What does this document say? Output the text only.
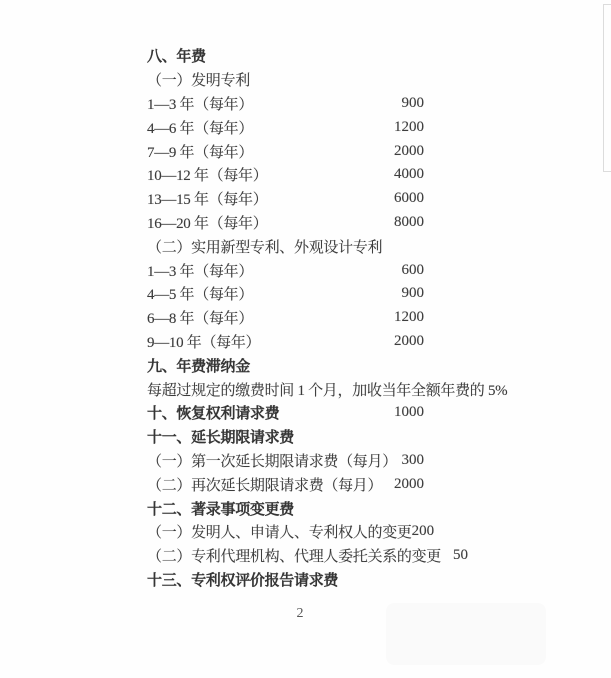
八、年费
（一）发明专利
1—3 年（每年）	900
4—6 年（每年）	1200
7—9 年（每年）	2000
10—12 年（每年）	4000
13—15 年（每年）	6000
16—20 年（每年）	8000
（二）实用新型专利、外观设计专利
1—3 年（每年）	600
4—5 年（每年）	900
6—8 年（每年）	1200
9—10 年（每年）	2000
九、年费滞纳金
每超过规定的缴费时间 1 个月，加收当年全额年费的 5%
十、恢复权利请求费	1000
十一、延长期限请求费
（一）第一次延长期限请求费（每月） 300
（二）再次延长期限请求费（每月） 2000
十二、著录事项变更费
（一）发明人、申请人、专利权人的变更 200
（二）专利代理机构、代理人委托关系的变更 50
十三、专利权评价报告请求费
2
